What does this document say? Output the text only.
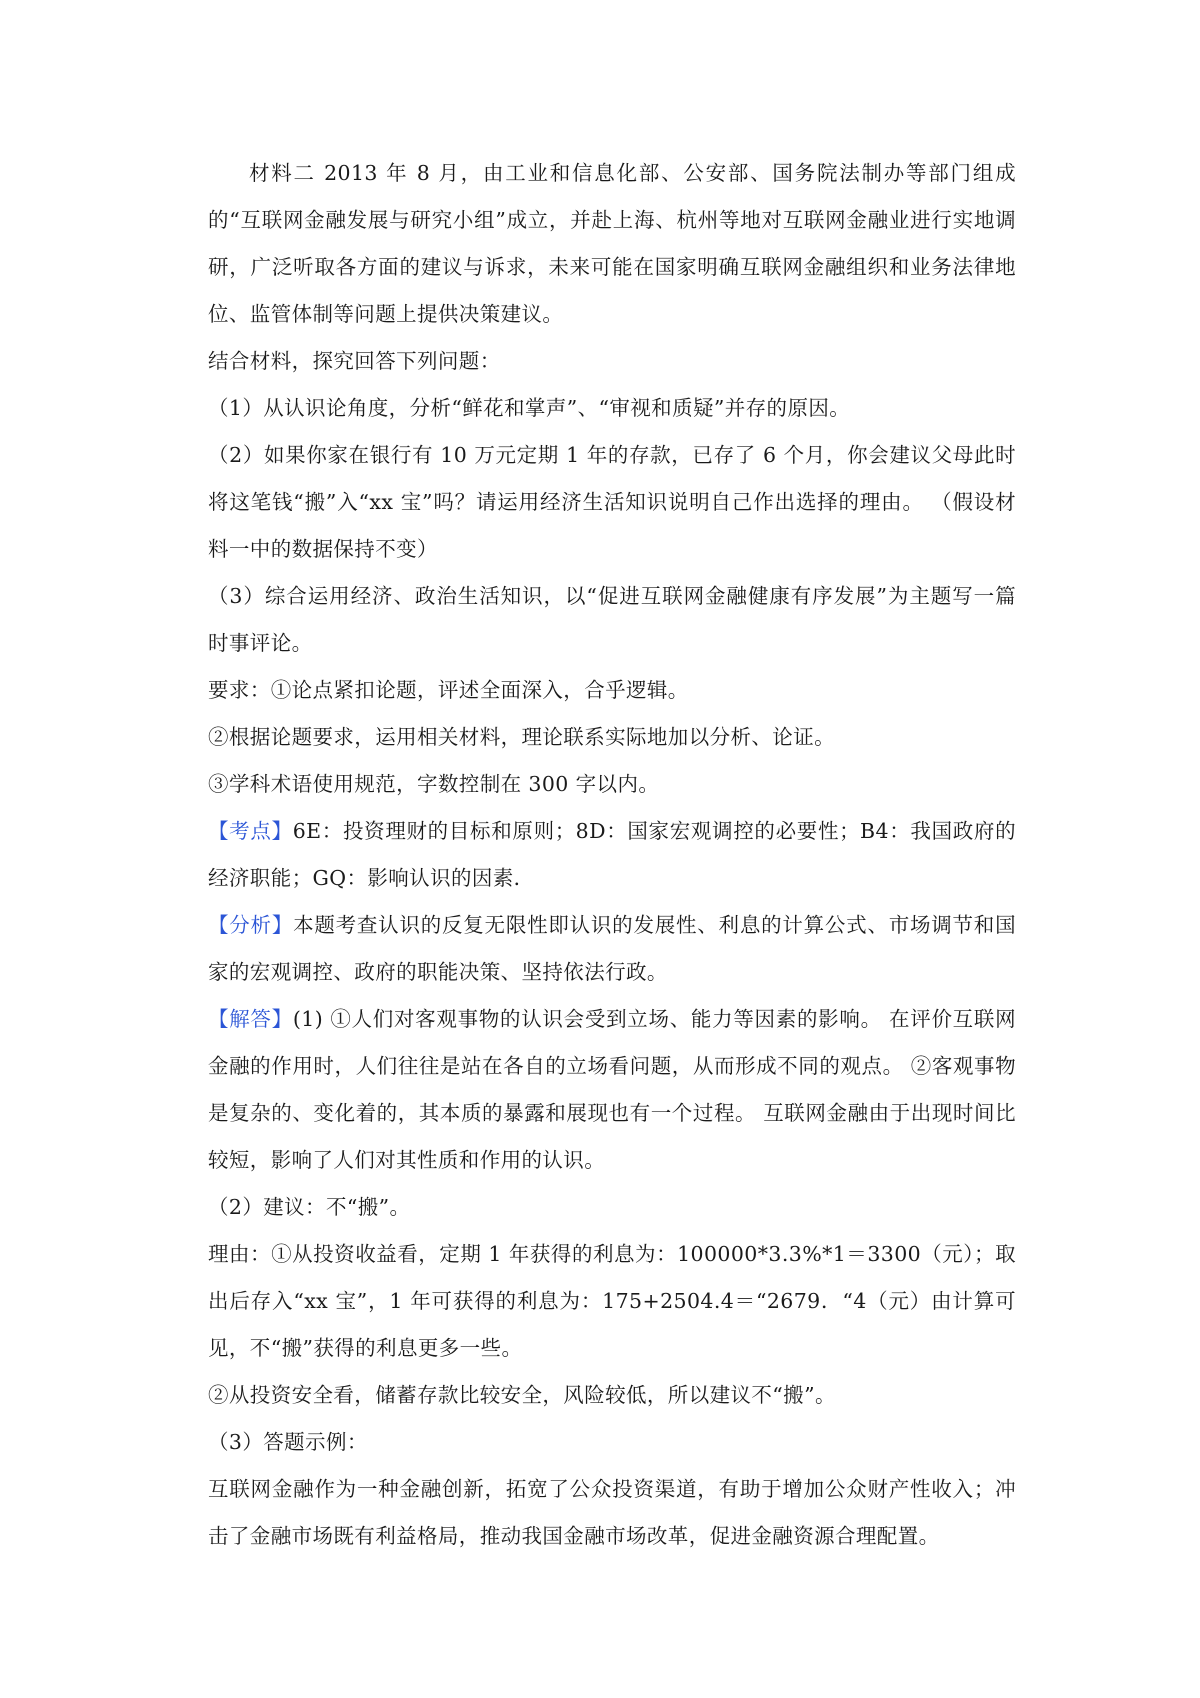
材料二 2013 年 8 月，由工业和信息化部、公安部、国务院法制办等部门组成的“互联网金融发展与研究小组”成立，并赴上海、杭州等地对互联网金融业进行实地调研，广泛听取各方面的建议与诉求，未来可能在国家明确互联网金融组织和业务法律地位、监管体制等问题上提供决策建议。

结合材料，探究回答下列问题：

（1）从认识论角度，分析“鲜花和掌声”、“审视和质疑”并存的原因。

（2）如果你家在银行有 10 万元定期 1 年的存款，已存了 6 个月，你会建议父母此时将这笔钱“搬”入“xx 宝”吗？请运用经济生活知识说明自己作出选择的理由。 （假设材料一中的数据保持不变）

（3）综合运用经济、政治生活知识，以“促进互联网金融健康有序发展”为主题写一篇时事评论。

要求：①论点紧扣论题，评述全面深入，合乎逻辑。

②根据论题要求，运用相关材料，理论联系实际地加以分析、论证。

③学科术语使用规范，字数控制在 300 字以内。

【考点】6E：投资理财的目标和原则；8D：国家宏观调控的必要性；B4：我国政府的经济职能；GQ：影响认识的因素．

【分析】本题考查认识的反复无限性即认识的发展性、利息的计算公式、市场调节和国家的宏观调控、政府的职能决策、坚持依法行政。

【解答】(1) ①人们对客观事物的认识会受到立场、能力等因素的影响。 在评价互联网金融的作用时，人们往往是站在各自的立场看问题，从而形成不同的观点。 ②客观事物是复杂的、变化着的，其本质的暴露和展现也有一个过程。 互联网金融由于出现时间比较短，影响了人们对其性质和作用的认识。

（2）建议：不“搬”。

理由：①从投资收益看，定期 1 年获得的利息为：100000*3.3%*1＝3300（元）；取出后存入“xx 宝”，1 年可获得的利息为：175+2504.4＝“2679．“4（元）由计算可见，不“搬”获得的利息更多一些。

②从投资安全看，储蓄存款比较安全，风险较低，所以建议不“搬”。

（3）答题示例：

互联网金融作为一种金融创新，拓宽了公众投资渠道，有助于增加公众财产性收入；冲击了金融市场既有利益格局，推动我国金融市场改革，促进金融资源合理配置。
